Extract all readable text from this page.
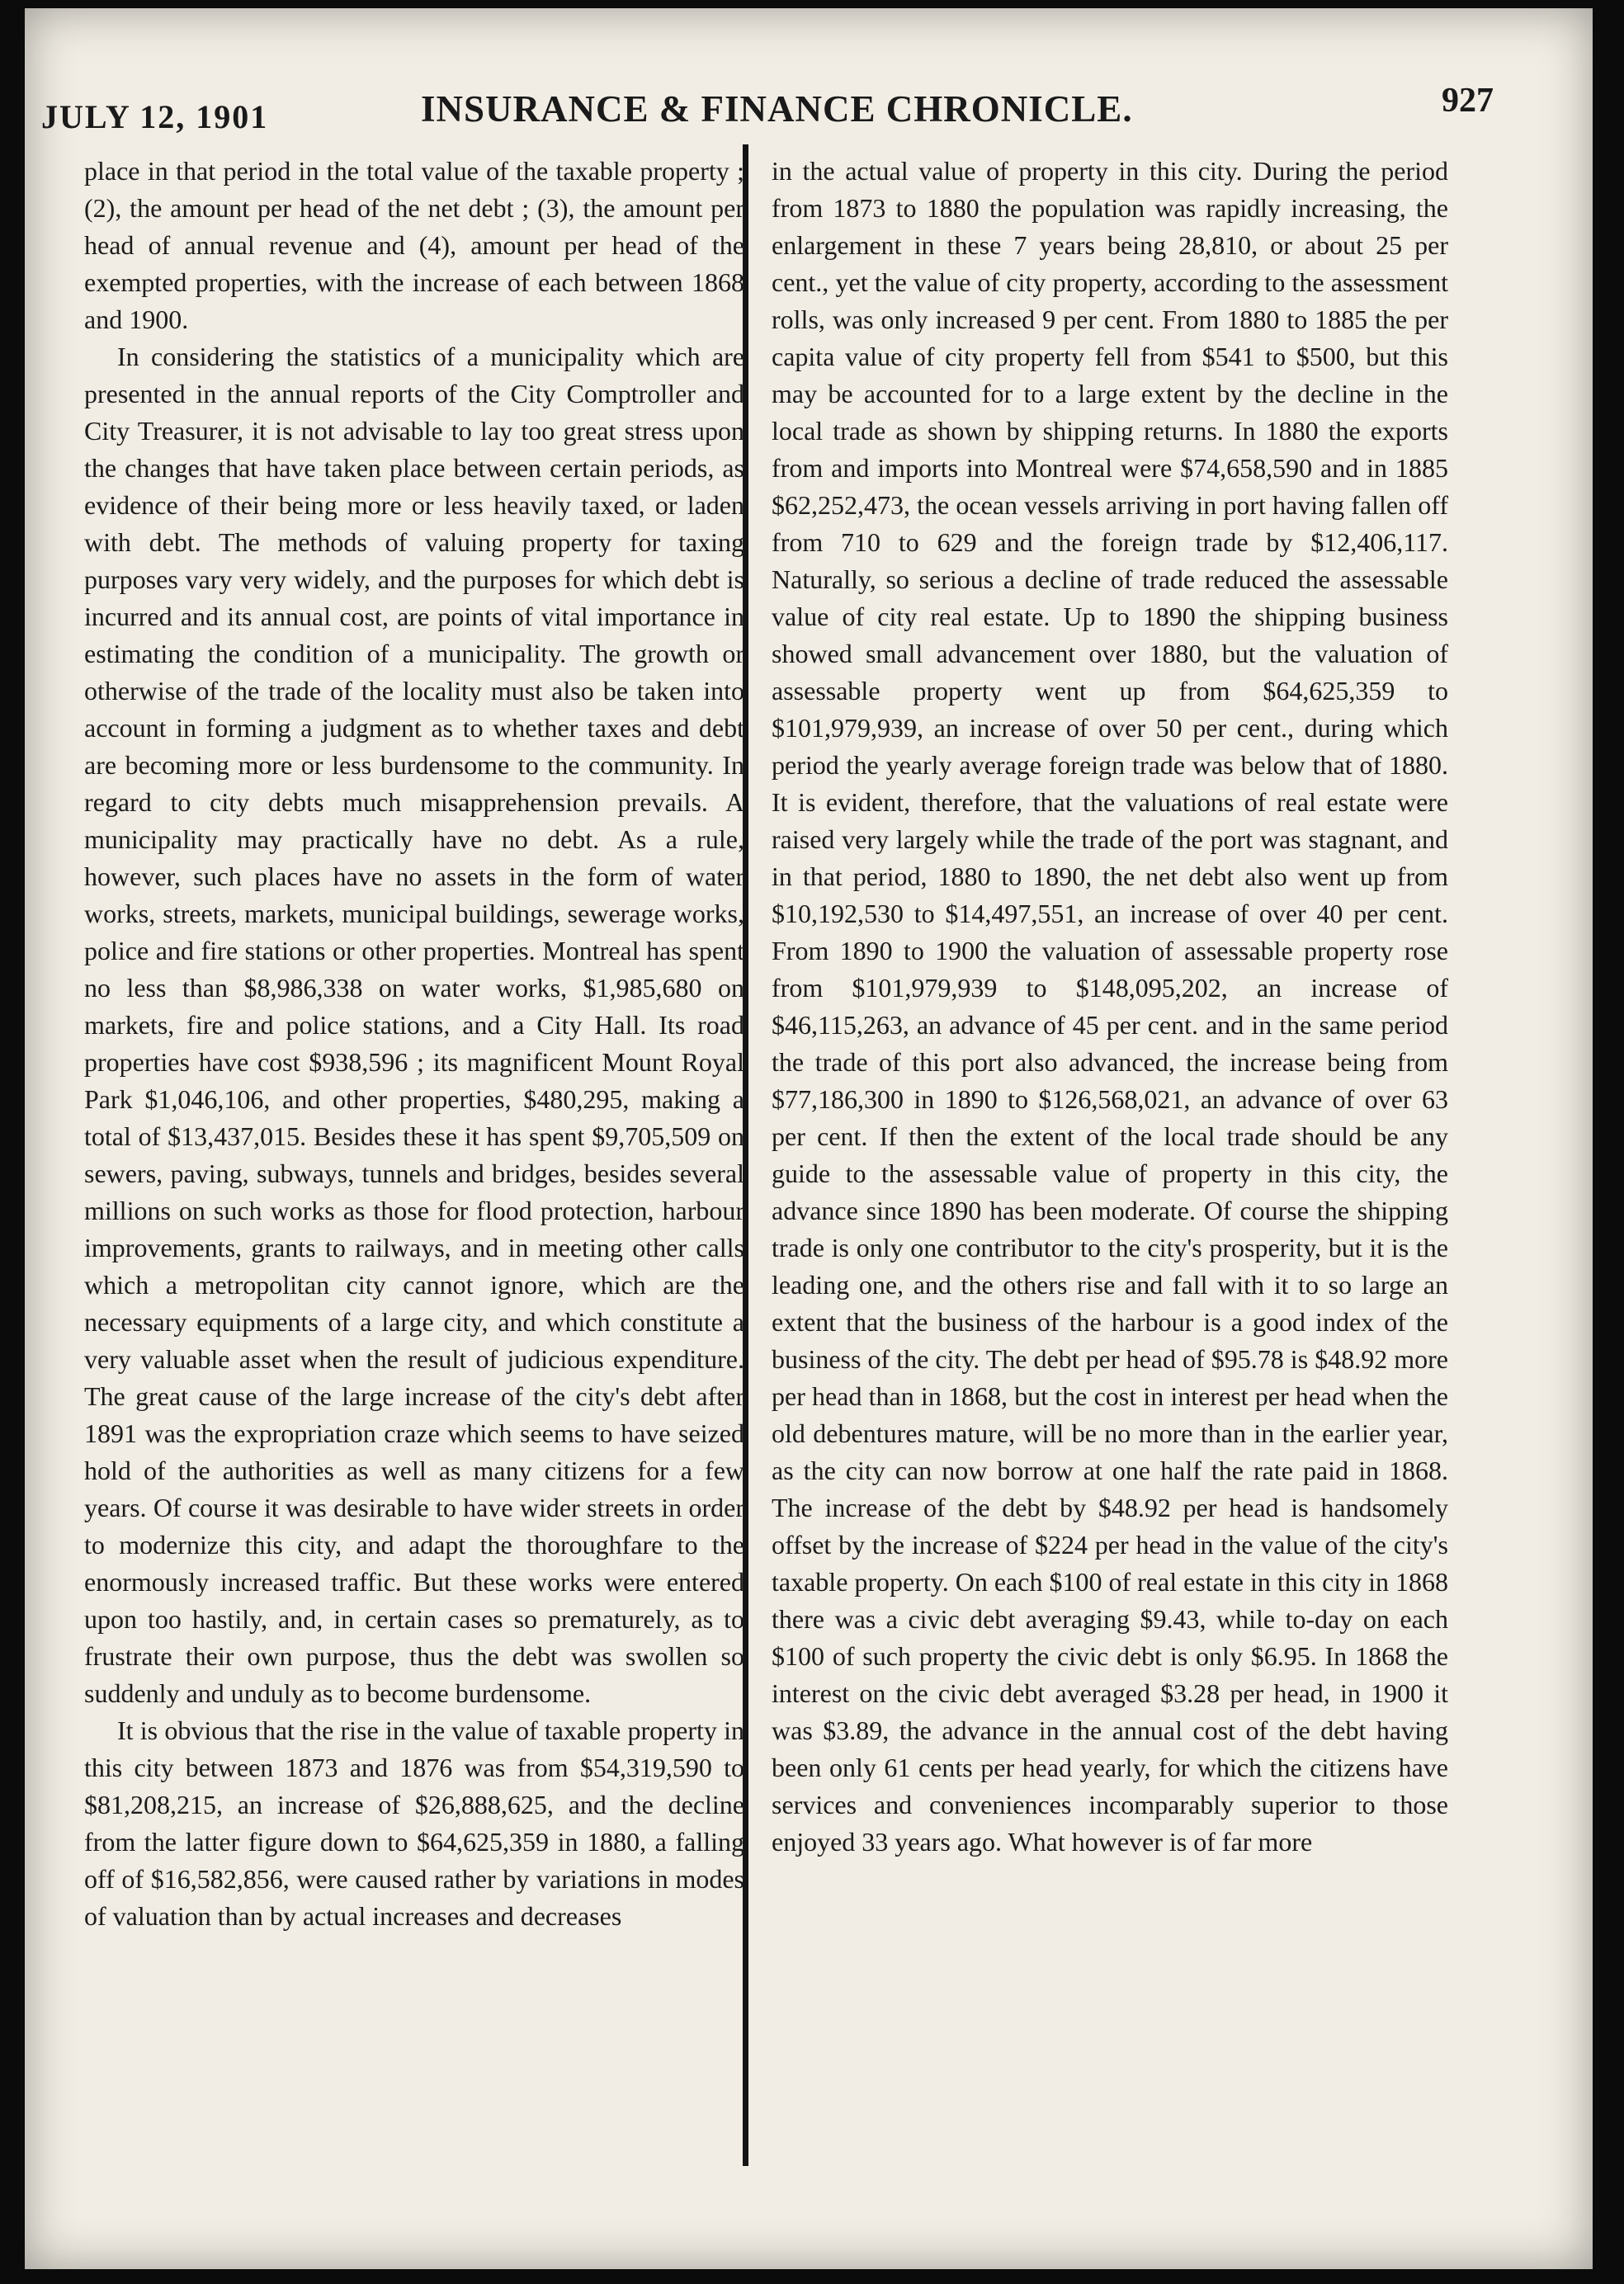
JULY 12, 1901	INSURANCE & FINANCE CHRONICLE.	927

place in that period in the total value of the taxable property ; (2), the amount per head of the net debt ; (3), the amount per head of annual revenue and (4), amount per head of the exempted properties, with the increase of each between 1868 and 1900.

In considering the statistics of a municipality which are presented in the annual reports of the City Comptroller and City Treasurer, it is not advisable to lay too great stress upon the changes that have taken place between certain periods, as evidence of their being more or less heavily taxed, or laden with debt. The methods of valuing property for taxing purposes vary very widely, and the purposes for which debt is incurred and its annual cost, are points of vital importance in estimating the condition of a municipality. The growth or otherwise of the trade of the locality must also be taken into account in forming a judgment as to whether taxes and debt are becoming more or less burdensome to the community. In regard to city debts much misapprehension prevails. A municipality may practically have no debt. As a rule, however, such places have no assets in the form of water works, streets, markets, municipal buildings, sewerage works, police and fire stations or other properties. Montreal has spent no less than $8,986,338 on water works, $1,985,680 on markets, fire and police stations, and a City Hall. Its road properties have cost $938,596 ; its magnificent Mount Royal Park $1,046,106, and other properties, $480,295, making a total of $13,437,015. Besides these it has spent $9,705,509 on sewers, paving, subways, tunnels and bridges, besides several millions on such works as those for flood protection, harbour improvements, grants to railways, and in meeting other calls which a metropolitan city cannot ignore, which are the necessary equipments of a large city, and which constitute a very valuable asset when the result of judicious expenditure. The great cause of the large increase of the city's debt after 1891 was the expropriation craze which seems to have seized hold of the authorities as well as many citizens for a few years. Of course it was desirable to have wider streets in order to modernize this city, and adapt the thoroughfare to the enormously increased traffic. But these works were entered upon too hastily, and, in certain cases so prematurely, as to frustrate their own purpose, thus the debt was swollen so suddenly and unduly as to become burdensome.

It is obvious that the rise in the value of taxable property in this city between 1873 and 1876 was from $54,319,590 to $81,208,215, an increase of $26,888,625, and the decline from the latter figure down to $64,625,359 in 1880, a falling off of $16,582,856, were caused rather by variations in modes of valuation than by actual increases and decreases

in the actual value of property in this city. During the period from 1873 to 1880 the population was rapidly increasing, the enlargement in these 7 years being 28,810, or about 25 per cent., yet the value of city property, according to the assessment rolls, was only increased 9 per cent. From 1880 to 1885 the per capita value of city property fell from $541 to $500, but this may be accounted for to a large extent by the decline in the local trade as shown by shipping returns. In 1880 the exports from and imports into Montreal were $74,658,590 and in 1885 $62,252,473, the ocean vessels arriving in port having fallen off from 710 to 629 and the foreign trade by $12,406,117. Naturally, so serious a decline of trade reduced the assessable value of city real estate. Up to 1890 the shipping business showed small advancement over 1880, but the valuation of assessable property went up from $64,625,359 to $101,979,939, an increase of over 50 per cent., during which period the yearly average foreign trade was below that of 1880. It is evident, therefore, that the valuations of real estate were raised very largely while the trade of the port was stagnant, and in that period, 1880 to 1890, the net debt also went up from $10,192,530 to $14,497,551, an increase of over 40 per cent. From 1890 to 1900 the valuation of assessable property rose from $101,979,939 to $148,095,202, an increase of $46,115,263, an advance of 45 per cent. and in the same period the trade of this port also advanced, the increase being from $77,186,300 in 1890 to $126,568,021, an advance of over 63 per cent. If then the extent of the local trade should be any guide to the assessable value of property in this city, the advance since 1890 has been moderate. Of course the shipping trade is only one contributor to the city's prosperity, but it is the leading one, and the others rise and fall with it to so large an extent that the business of the harbour is a good index of the business of the city. The debt per head of $95.78 is $48.92 more per head than in 1868, but the cost in interest per head when the old debentures mature, will be no more than in the earlier year, as the city can now borrow at one half the rate paid in 1868. The increase of the debt by $48.92 per head is handsomely offset by the increase of $224 per head in the value of the city's taxable property. On each $100 of real estate in this city in 1868 there was a civic debt averaging $9.43, while to-day on each $100 of such property the civic debt is only $6.95. In 1868 the interest on the civic debt averaged $3.28 per head, in 1900 it was $3.89, the advance in the annual cost of the debt having been only 61 cents per head yearly, for which the citizens have services and conveniences incomparably superior to those enjoyed 33 years ago. What however is of far more
